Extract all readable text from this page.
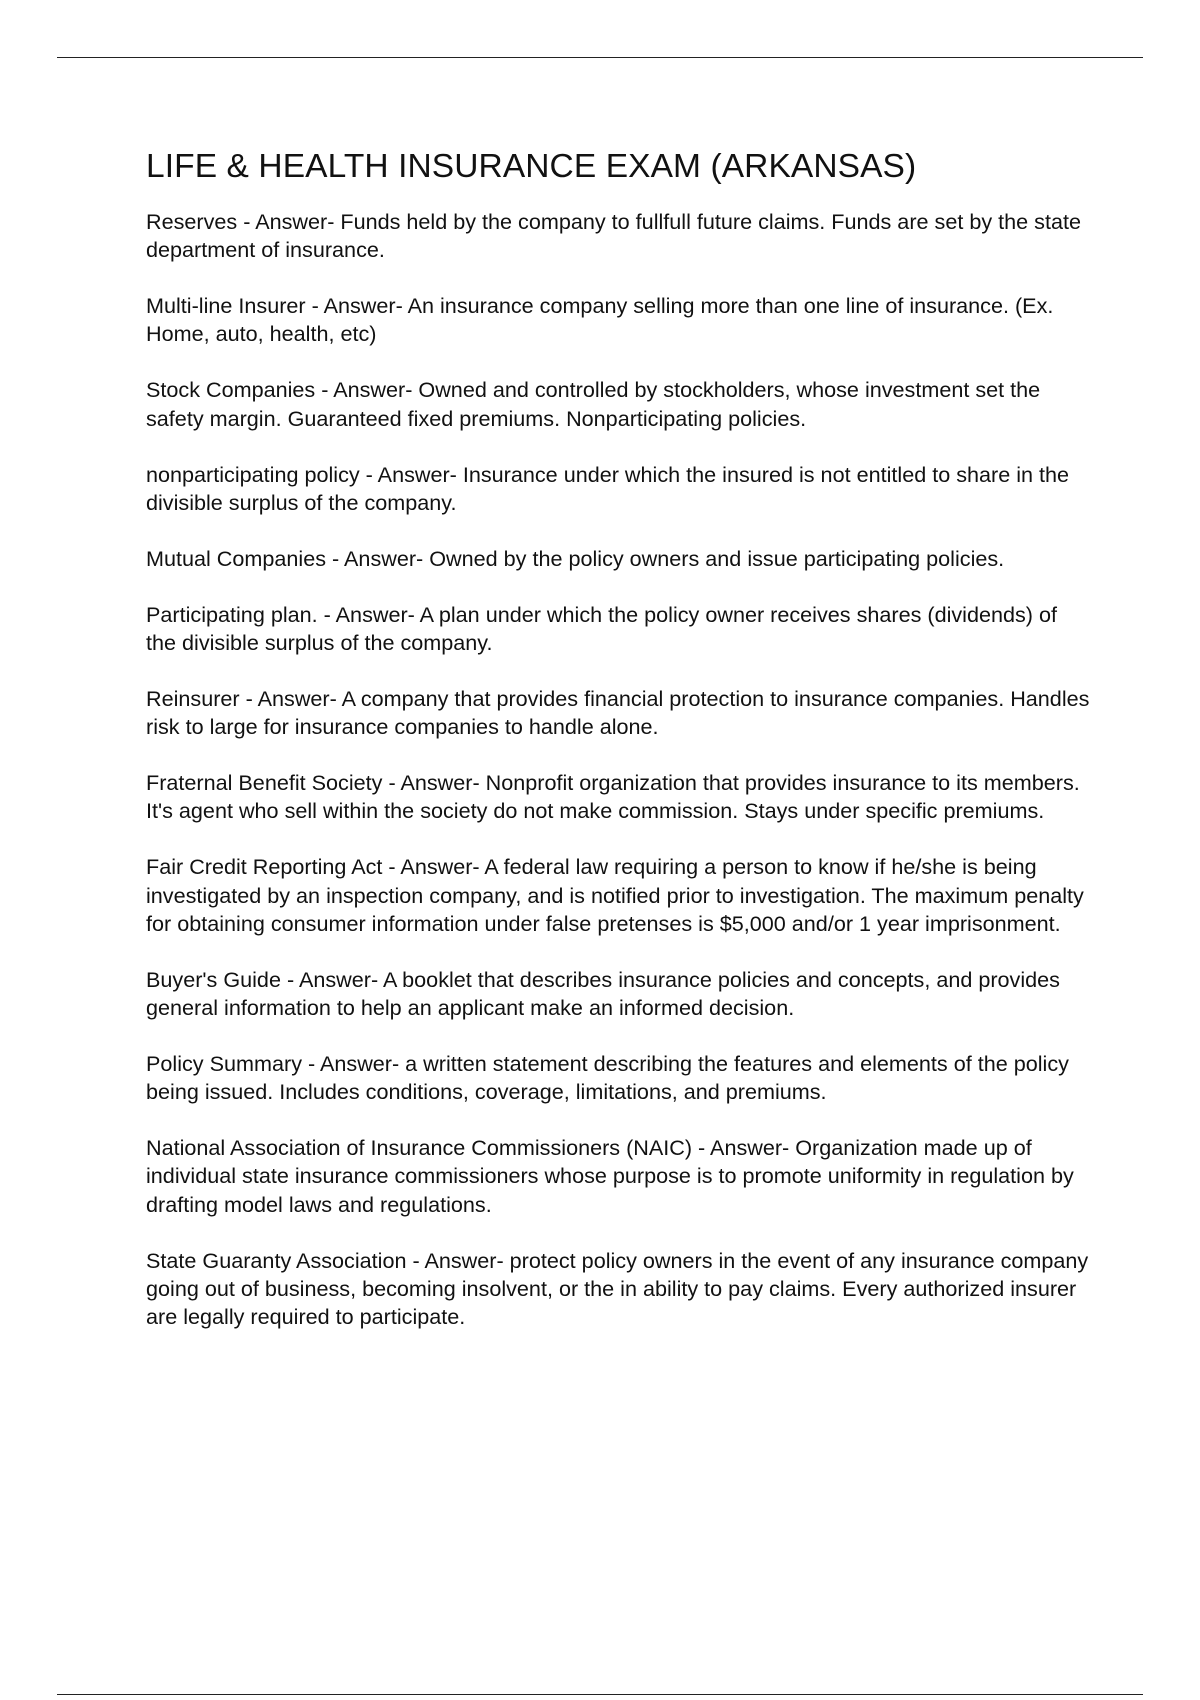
LIFE & HEALTH INSURANCE EXAM (ARKANSAS)
Reserves - Answer- Funds held by the company to fullfull future claims. Funds are set by the state department of insurance.
Multi-line Insurer - Answer- An insurance company selling more than one line of insurance. (Ex. Home, auto, health, etc)
Stock Companies - Answer- Owned and controlled by stockholders, whose investment set the safety margin. Guaranteed fixed premiums. Nonparticipating policies.
nonparticipating policy - Answer- Insurance under which the insured is not entitled to share in the divisible surplus of the company.
Mutual Companies - Answer- Owned by the policy owners and issue participating policies.
Participating plan. - Answer- A plan under which the policy owner receives shares (dividends) of the divisible surplus of the company.
Reinsurer - Answer- A company that provides financial protection to insurance companies. Handles risk to large for insurance companies to handle alone.
Fraternal Benefit Society - Answer- Nonprofit organization that provides insurance to its members. It's agent who sell within the society do not make commission. Stays under specific premiums.
Fair Credit Reporting Act - Answer- A federal law requiring a person to know if he/she is being investigated by an inspection company, and is notified prior to investigation. The maximum penalty for obtaining consumer information under false pretenses is $5,000 and/or 1 year imprisonment.
Buyer's Guide - Answer- A booklet that describes insurance policies and concepts, and provides general information to help an applicant make an informed decision.
Policy Summary - Answer- a written statement describing the features and elements of the policy being issued. Includes conditions, coverage, limitations, and premiums.
National Association of Insurance Commissioners (NAIC) - Answer- Organization made up of individual state insurance commissioners whose purpose is to promote uniformity in regulation by drafting model laws and regulations.
State Guaranty Association - Answer- protect policy owners in the event of any insurance company going out of business, becoming insolvent, or the in ability to pay claims. Every authorized insurer are legally required to participate.
